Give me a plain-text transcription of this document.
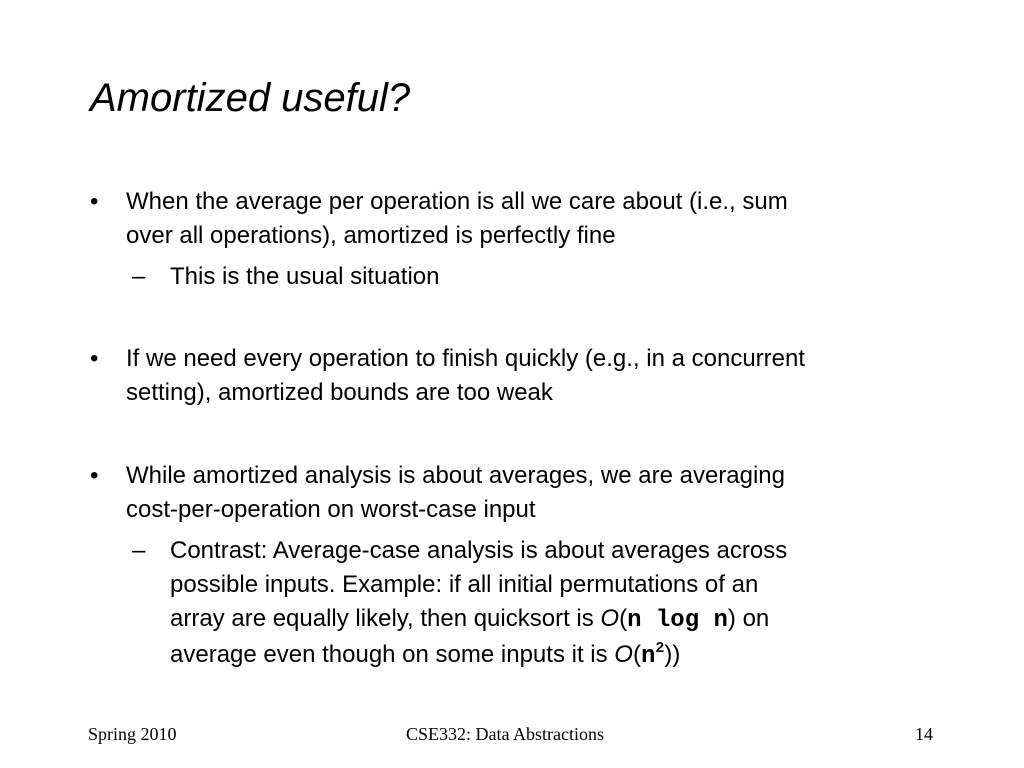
Amortized useful?
• When the average per operation is all we care about (i.e., sum
over all operations), amortized is perfectly fine
– This is the usual situation
• If we need every operation to finish quickly (e.g., in a concurrent
setting), amortized bounds are too weak
• While amortized analysis is about averages, we are averaging
cost-per-operation on worst-case input
– Contrast: Average-case analysis is about averages across
possible inputs. Example: if all initial permutations of an
array are equally likely, then quicksort is O(n log n) on
average even though on some inputs it is $O(n^2)$)
Spring 2010	CSE332: Data Abstractions	14
